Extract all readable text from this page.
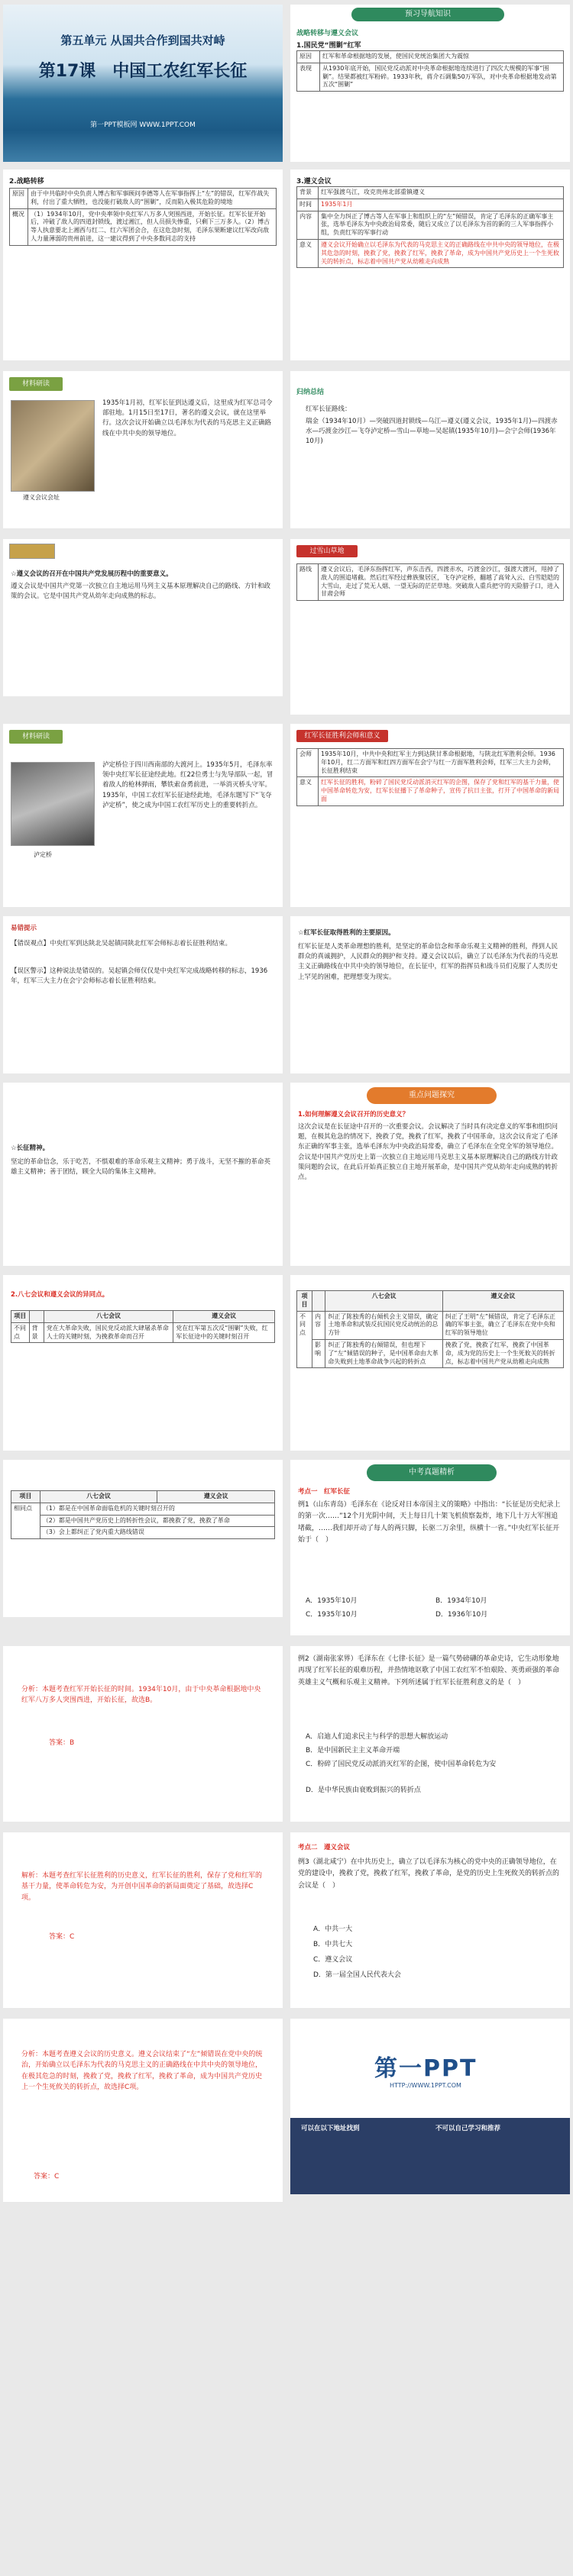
第五单元 从国共合作到国共对峙
第17课　中国工农红军长征
第一PPT模板网 WWW.1PPT.COM
预习导航知识
战略转移与遵义会议
1.国民党“围剿”红军
原因	红军和革命根据地的发展，使国民党统治集团大为震惊
表现	从1930年底开始，国民党反动派对中央革命根据地连续进行了四次大规模的军事“围剿”。结果都被红军粉碎。1933年秋，蒋介石调集50万军队，对中央革命根据地发动第五次“围剿”
2.战略转移
原因	由于中共临时中央负责人博古和军事顾问李德等人在军事指挥上“左”的错误，红军作战失利，付出了重大牺牲，也没能打破敌人的“围剿”，反而陷入极其危险的境地
概况	（1）1934年10月，党中央率领中央红军八万多人突围西进，开始长征。红军长征开始后，冲破了敌人的四道封锁线，渡过湘江，但人员损失惨重，只剩下三万多人。（2）博古等人执意要北上湘西与红二、红六军团会合，在这危急时刻，毛泽东果断建议红军改向敌人力量薄弱的贵州前进，这一建议得到了中央多数同志的支持
3.遵义会议
背景	红军强渡乌江，攻克贵州北部重镇遵义
时间	1935年1月
内容	集中全力纠正了博古等人在军事上和组织上的“左”倾错误，肯定了毛泽东的正确军事主张，选举毛泽东为中央政治局常委，随后又成立了以毛泽东为首的新的三人军事指挥小组，负责红军的军事行动
意义	遵义会议开始确立以毛泽东为代表的马克思主义的正确路线在中共中央的领导地位，在极其危急的时刻，挽救了党，挽救了红军，挽救了革命，成为中国共产党历史上一个生死攸关的转折点，标志着中国共产党从幼稚走向成熟
材料研读
遵义会议会址
1935年1月初，红军长征到达遵义后，这里成为红军总司令部驻地。1月15日至17日，著名的遵义会议，就在这里举行。这次会议开始确立以毛泽东为代表的马克思主义正确路线在中共中央的领导地位。
归纳总结
红军长征路线：
瑞金（1934年10月）—突破四道封锁线—乌江—遵义(遵义会议，1935年1月)—四渡赤水—巧渡金沙江—飞夺泸定桥—雪山—草地—吴起镇(1935年10月)—会宁会师(1936年10月)
☆遵义会议的召开在中国共产党发展历程中的重要意义。
遵义会议是中国共产党第一次独立自主地运用马列主义基本原理解决自己的路线、方针和政策的会议。它是中国共产党从幼年走向成熟的标志。
过雪山草地
路线	遵义会议后，毛泽东指挥红军，声东击西，四渡赤水，巧渡金沙江，强渡大渡河，甩掉了敌人的围追堵截。然后红军经过彝族聚居区，飞夺泸定桥，翻越了高耸入云、白雪皑皑的大雪山，走过了荒无人烟、一望无际的茫茫草地。突破敌人重兵把守的天险腊子口，进入甘肃会师
材料研读
泸定桥
泸定桥位于四川西南部的大渡河上。1935年5月，毛泽东率领中央红军长征途经此地。红22位勇士与先导部队一起，冒着敌人的枪林弹雨，攀铁索奋勇前进，一举消灭桥头守军。1935年，中国工农红军长征途经此地，毛泽东题写下“飞夺泸定桥”，使之成为中国工农红军历史上的重要转折点。
红军长征胜利会师和意义
会师	1935年10月，中共中央和红军主力到达陕甘革命根据地，与陕北红军胜利会师。1936年10月，红二方面军和红四方面军在会宁与红一方面军胜利会师，红军三大主力会师，长征胜利结束
意义	红军长征的胜利，粉碎了国民党反动派消灭红军的企图，保存了党和红军的基干力量，使中国革命转危为安，红军长征播下了革命种子，宣传了抗日主张，打开了中国革命的新局面
易错提示
【错误观点】中央红军到达陕北吴起镇同陕北红军会师标志着长征胜利结束。
【误区警示】这种说法是错误的。吴起镇会师仅仅是中央红军完成战略转移的标志，1936年，红军三大主力在会宁会师标志着长征胜利结束。
☆红军长征取得胜利的主要原因。
红军长征是人类革命理想的胜利，是坚定的革命信念和革命乐观主义精神的胜利，得到人民群众的真诚拥护，人民群众的拥护和支持。遵义会议以后，确立了以毛泽东为代表的马克思主义正确路线在中共中央的领导地位，在长征中，红军的指挥员和战斗员们克服了人类历史上罕见的困难，把理想变为现实。
☆长征精神。
坚定的革命信念，乐于吃苦，不惧艰难的革命乐观主义精神；勇于战斗，无坚不摧的革命英雄主义精神；善于团结，顾全大局的集体主义精神。
重点问题探究
1.如何理解遵义会议召开的历史意义？
这次会议是在长征途中召开的一次重要会议。会议解决了当时具有决定意义的军事和组织问题，在极其危急的情况下，挽救了党，挽救了红军，挽救了中国革命，这次会议肯定了毛泽东正确的军事主张，选举毛泽东为中央政治局常委，确立了毛泽东在全党全军的领导地位。会议是中国共产党历史上第一次独立自主地运用马克思主义基本原理解决自己的路线方针政策问题的会议，在此后开始真正独立自主地开展革命，是中国共产党从幼年走向成熟的转折点。
2.八七会议和遵义会议的异同点。
项目		八七会议	遵义会议
不同点	背景	党在大革命失败，国民党反动派大肆屠杀革命人士的关键时刻，为挽救革命而召开	党在红军第五次反“围剿”失败，红军长征途中的关键时刻召开
项目		八七会议	遵义会议
不同点	内容	纠正了陈独秀的右倾机会主义错误，确定土地革命和武装反抗国民党反动统治的总方针	纠正了王明“左”倾错误，肯定了毛泽东正确的军事主张，确立了毛泽东在党中央和红军的领导地位
	影响	纠正了陈独秀的右倾错误，但也埋下了“左”倾错误的种子，是中国革命由大革命失败到土地革命战争兴起的转折点	挽救了党，挽救了红军，挽救了中国革命，成为党的历史上一个生死攸关的转折点，标志着中国共产党从幼稚走向成熟
项目	八七会议	遵义会议
相同点	（1）都是在中国革命面临危机的关键时刻召开的	
	（2）都是中国共产党历史上的转折性会议，都挽救了党，挽救了革命	
	（3）会上都纠正了党内重大路线错误	
中考真题精析
考点一　红军长征
例1（山东青岛）毛泽东在《论反对日本帝国主义的策略》中指出：“长征是历史纪录上的第一次……”12个月光阴中间，天上每日几十架飞机侦察轰炸，地下几十万大军围追堵截，……我们却开动了每人的两只脚，长驱二万余里，纵横十一省。”中央红军长征开始于（　）
A．1935年10月	B．1934年10月
C．1935年10月	D．1936年10月
例2（湖南张家界）毛泽东在《七律·长征》是一篇气势磅礴的革命史诗，它生动形象地再现了红军长征的艰难历程，并热情地讴歌了中国工农红军不怕艰险、英勇顽强的革命英雄主义气概和乐观主义精神。下列所述属于红军长征胜利意义的是（　）
A．启迪人们追求民主与科学的思想大解放运动
B．是中国新民主主义革命开端
C．粉碎了国民党反动派消灭红军的企图，使中国革命转危为安
D．是中华民族由衰败到振兴的转折点
考点二　遵义会议
例3（湖北咸宁）在中共历史上，确立了以毛泽东为核心的党中央的正确领导地位，在党的建设中，挽救了党，挽救了红军，挽救了革命，是党的历史上生死攸关的转折点的会议是（　）
A．中共一大
B．中共七大
C．遵义会议
D．第一届全国人民代表大会
分析：本题考查红军开始长征的时间。1934年10月，由于中央革命根据地中央红军八万多人突围西进，开始长征，故选B。
答案：B
解析：本题考查红军长征胜利的历史意义，红军长征的胜利，保存了党和红军的基干力量，使革命转危为安，为开创中国革命的新局面奠定了基础，故选择C项。
答案：C
第一PPT
HTTP://WWW.1PPT.COM
可以在以下地址找到	不可以自己学习和推荐
分析：本题考查遵义会议的历史意义。遵义会议结束了“左”倾错误在党中央的统治，开始确立以毛泽东为代表的马克思主义的正确路线在中共中央的领导地位，在极其危急的时刻，挽救了党，挽救了红军，挽救了革命，成为中国共产党历史上一个生死攸关的转折点，故选择C项。
答案：C
